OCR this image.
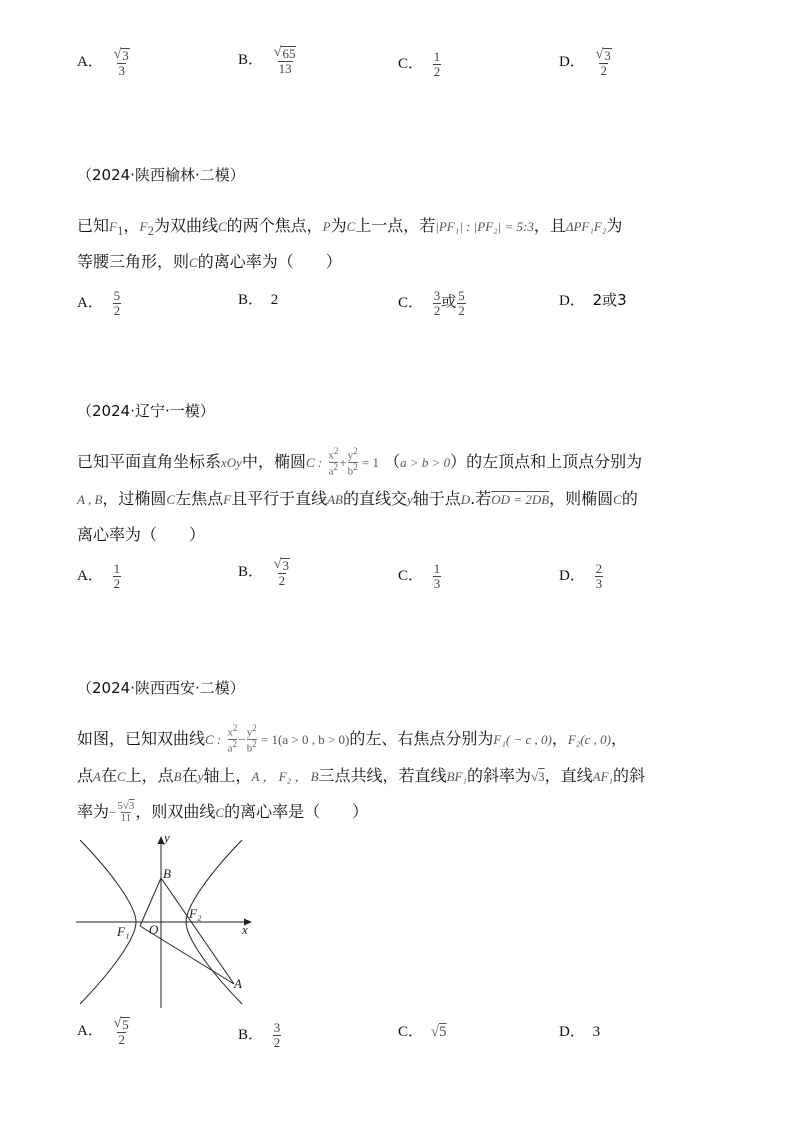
A． $\frac{√ 3}{3}$	B． $\frac{√ 65}{13}$	C． $\frac{1}{2}$	D． $\frac{√ 3}{2}$
（2024·陕西榆林·二模）
已知$F_1$，$F_2$为双曲线C的两个焦点，P为C上一点，若|PF₁| : |PF₂| = 5:3，且ΔPF₁F₂为
等腰三角形，则C的离心率为（　　）
A． $\frac{5}{2}$	B． 2	C． $\frac{3}{2}$ 或 $\frac{5}{2}$	D． 2或3
（2024·辽宁·一模）
已知平面直角坐标系xOy中，椭圆C : $\frac{x^2}{a^2} + \frac{y^2}{b^2} = 1$ （a > b > 0）的左顶点和上顶点分别为
A , B，过椭圆C左焦点F且平行于直线AB的直线交y轴于点D.若OD = 2DB，则椭圆C的
离心率为（　　）
A． $\frac{1}{2}$	B． $\frac{√ 3}{2}$	C． $\frac{1}{3}$	D． $\frac{2}{3}$
（2024·陕西西安·二模）
如图，已知双曲线C : $\frac{x^2}{a^2} - \frac{y^2}{b^2} = 1(a > 0$ , b > 0)的左、右焦点分别为F₁( − c , 0)，F₂(c , 0)，
点A在C上，点B在y轴上，A ， F₂ ， B三点共线，若直线BF₁的斜率为√3，直线AF₁的斜
率为− $\frac{5√3}{11}$ ，则双曲线C的离心率是（　　）
y
x
B
F₂
F₁ O
A
A． $\frac{√ 5}{2}$	B． $\frac{3}{2}$	C． √5	D． 3
